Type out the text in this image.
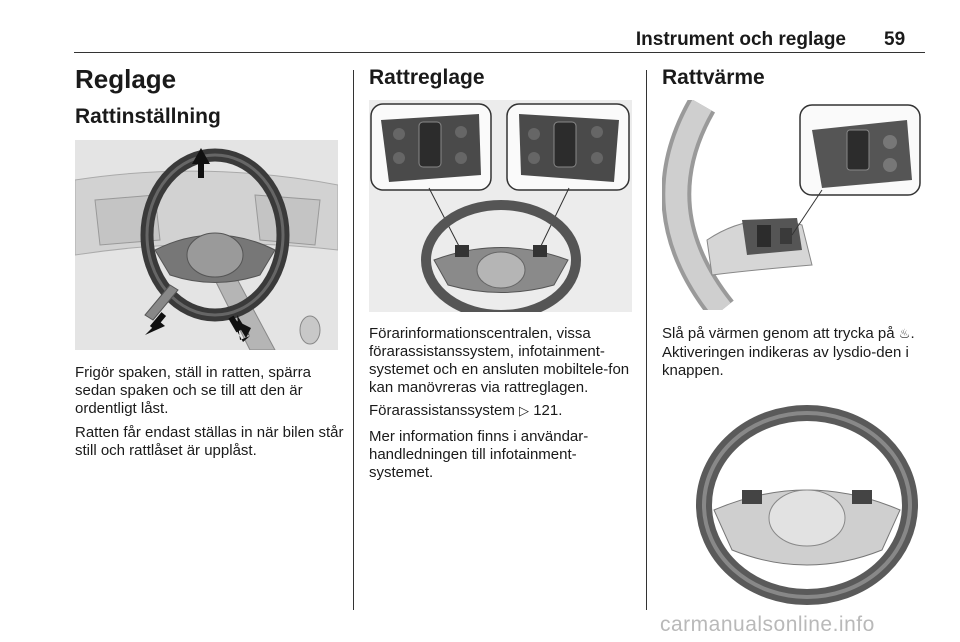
Instrument och reglage 59
Reglage
Rattinställning

Frigör spaken, ställ in ratten, spärra sedan spaken och se till att den är ordentligt låst.

Ratten får endast ställas in när bilen står still och rattlåset är upplåst.

Rattreglage

Förarinformationscentralen, vissa förarassistanssystem, infotainment-systemet och en ansluten mobiltele-fon kan manövreras via rattreglagen.

Förarassistanssystem ▷ 121.

Mer information finns i användar-handledningen till infotainment-systemet.

Rattvärme

Slå på värmen genom att trycka på ♨. Aktiveringen indikeras av lysdio-den i knappen.

carmanualsonline.info
